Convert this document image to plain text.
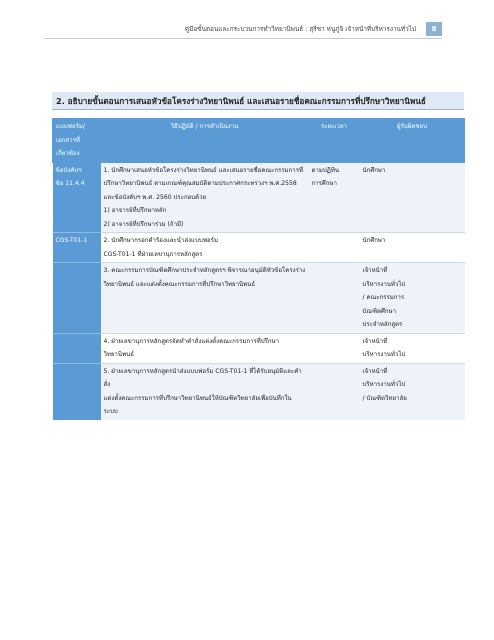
คู่มือขั้นตอนและกระบวนการทำวิทยานิพนธ์ : สุริชา หนูภู่จิ เจ้าหน้าที่บริหารงานทั่วไป	8
2. อธิบายขั้นตอนการเสนอหัวข้อโครงร่างวิทยานิพนธ์ และเสนอรายชื่อคณะกรรมการที่ปรึกษาวิทยานิพนธ์
แบบฟอร์ม/
เอกสารที่
เกี่ยวข้อง	วิธีปฏิบัติ / การดำเนินงาน	ระยะเวลา	ผู้รับผิดชอบ

ข้อบังคับฯ
ข้อ 11.4.4	1. นักศึกษาเสนอหัวข้อโครงร่างวิทยานิพนธ์ และเสนอรายชื่อคณะกรรมการที่
ปรึกษาวิทยานิพนธ์ ตามเกณฑ์คุณสมบัติตามประกาศกระทรวงฯ พ.ศ.2558
และข้อบังคับฯ พ.ศ. 2560 ประกอบด้วย
1) อาจารย์ที่ปรึกษาหลัก
2) อาจารย์ที่ปรึกษาร่วม (ถ้ามี)	ตามปฏิทิน
การศึกษา	นักศึกษา

CGS-T01-1	2. นักศึกษากรอกคำร้องและนำส่งแบบฟอร์ม
CGS-T01-1 ที่ฝ่ายเลขานุการหลักสูตร		นักศึกษา

	3. คณะกรรมการบัณฑิตศึกษาประจำหลักสูตรฯ พิจารณาอนุมัติหัวข้อโครงร่าง
วิทยานิพนธ์ และแต่งตั้งคณะกรรมการที่ปรึกษาวิทยานิพนธ์		เจ้าหน้าที่
บริหารงานทั่วไป
/ คณะกรรมการ
บัณฑิตศึกษา
ประจำหลักสูตร

	4. ฝ่ายเลขานุการหลักสูตรจัดทำคำสั่งแต่งตั้งคณะกรรมการที่ปรึกษาวิทยานิพนธ์		เจ้าหน้าที่
บริหารงานทั่วไป

	5. ฝ่ายเลขานุการหลักสูตรนำส่งแบบฟอร์ม CGS-T01-1 ที่ได้รับอนุมัติและคำสั่ง
แต่งตั้งคณะกรรมการที่ปรึกษาวิทยานิพนธ์ให้บัณฑิตวิทยาลัยเพื่อบันทึกในระบบ		เจ้าหน้าที่
บริหารงานทั่วไป
/ บัณฑิตวิทยาลัย
